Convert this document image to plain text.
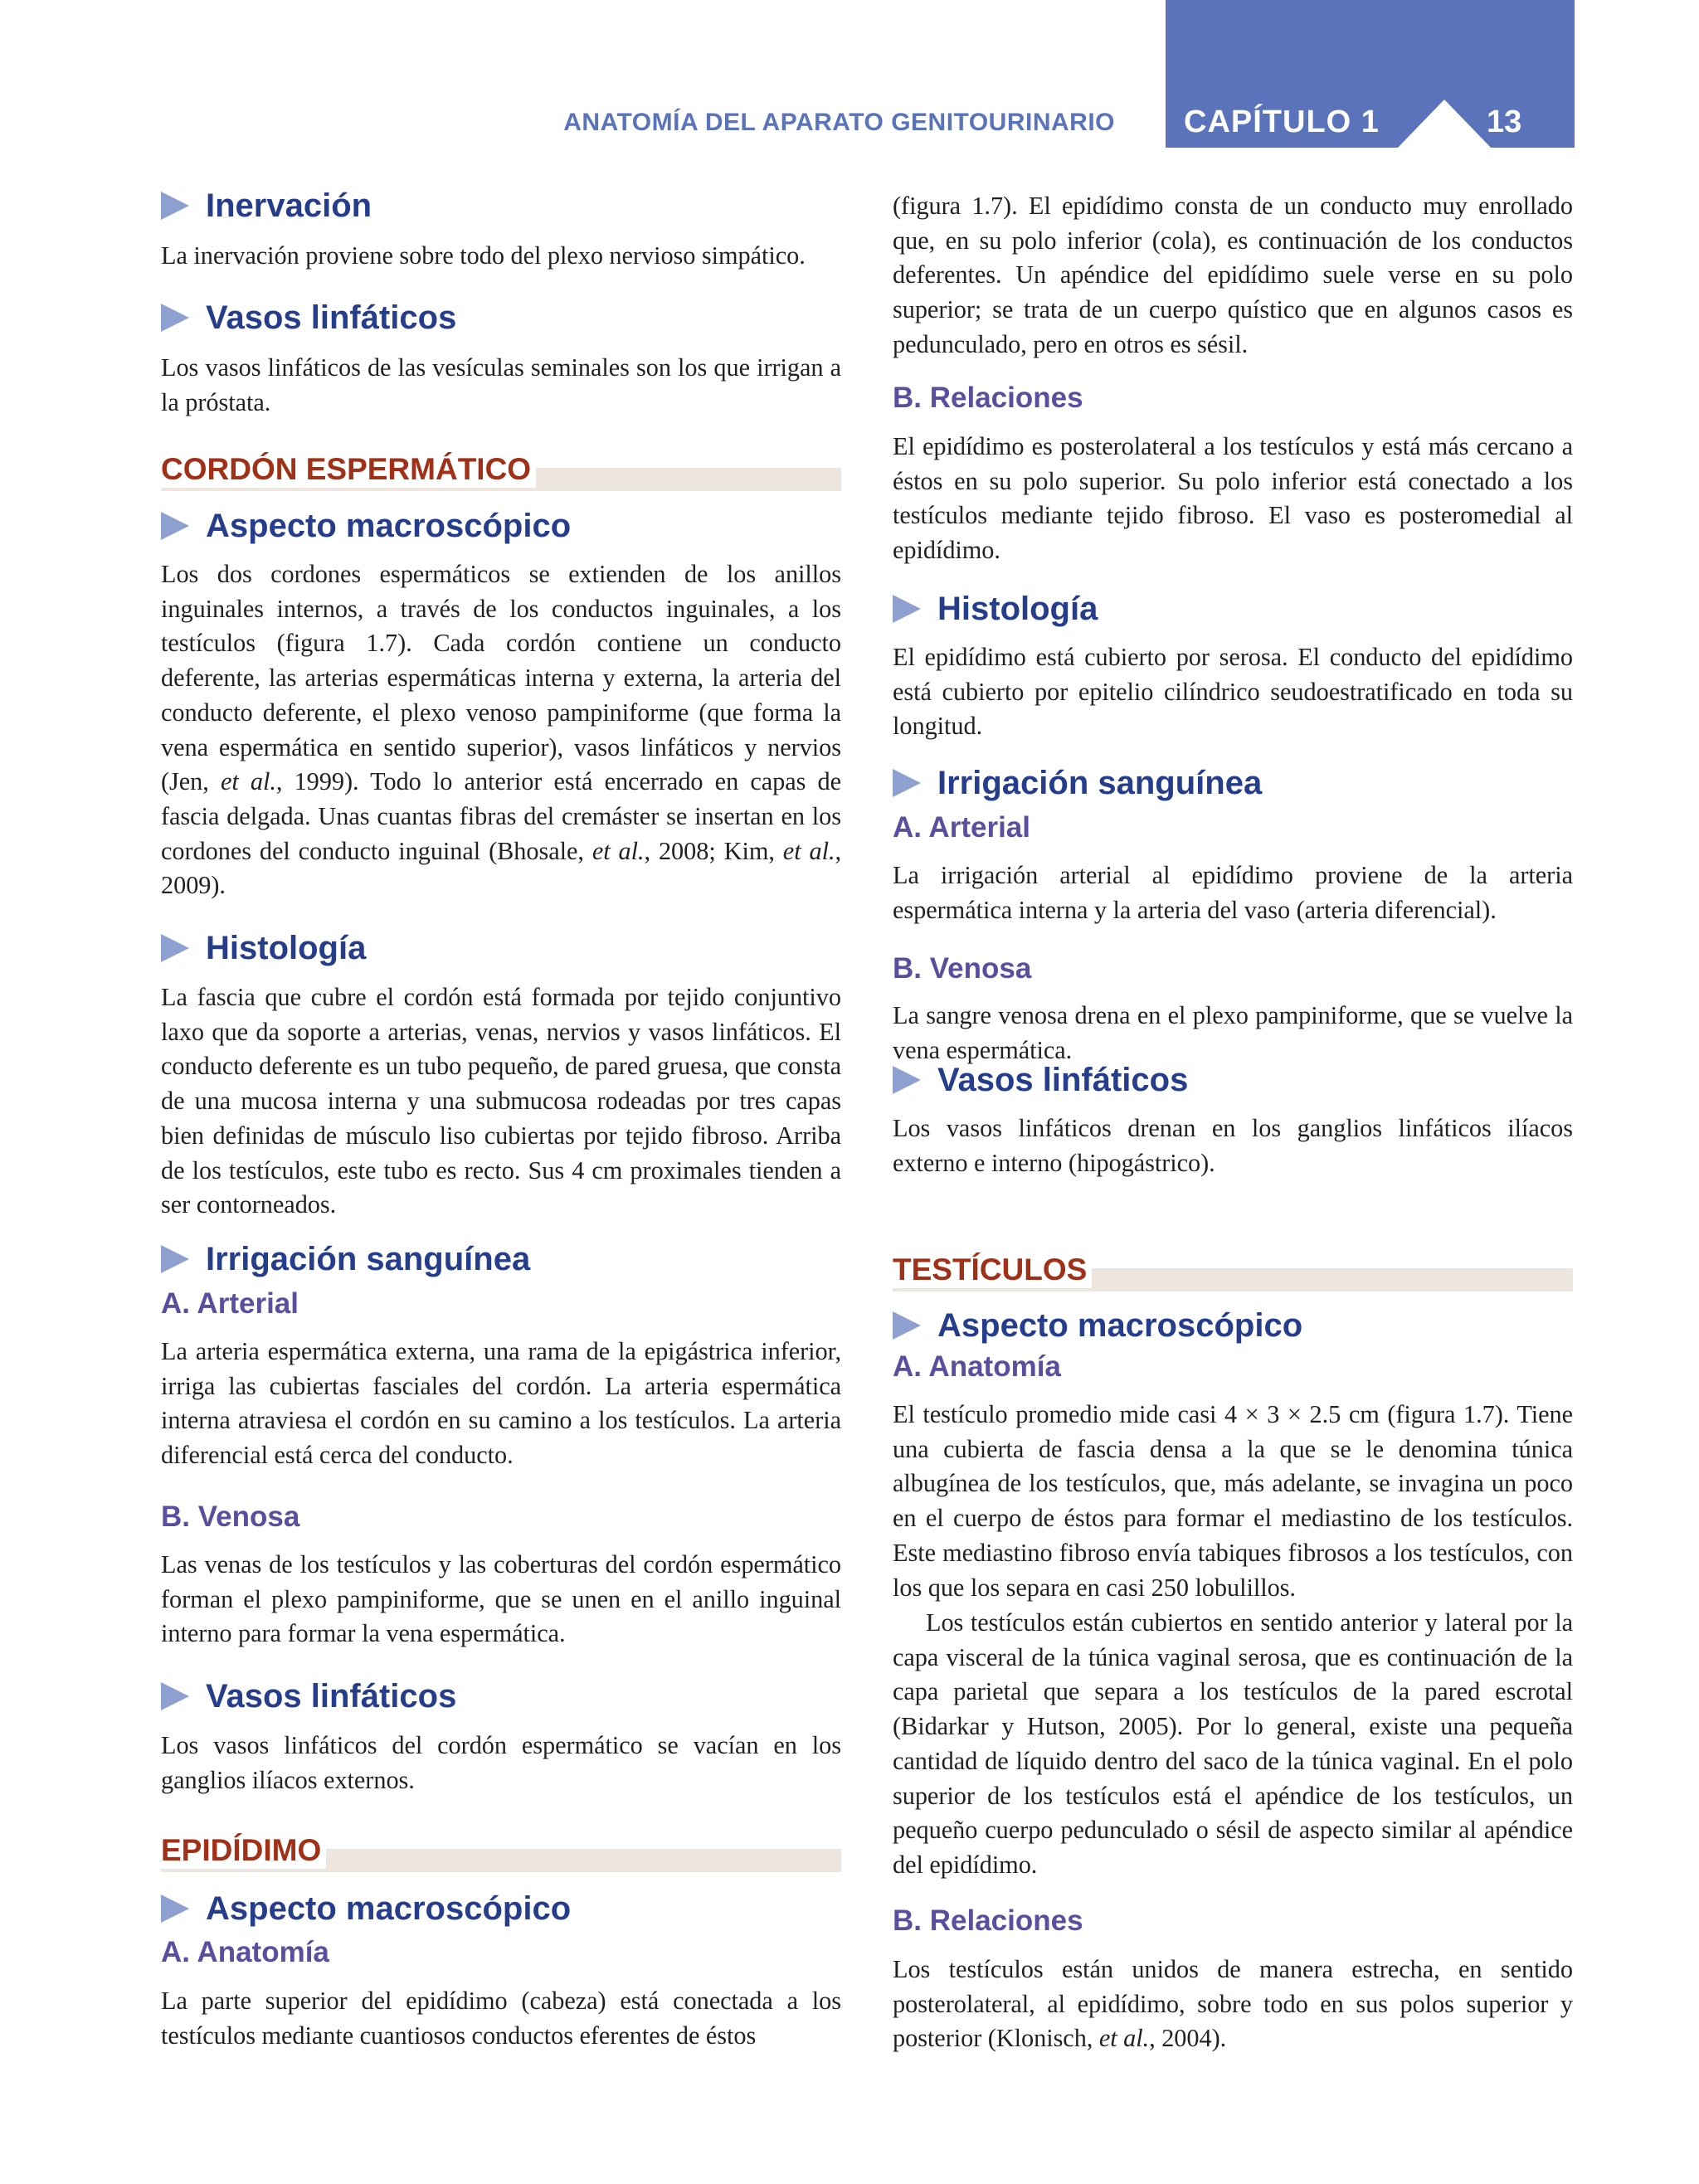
ANATOMÍA DEL APARATO GENITOURINARIO CAPÍTULO 1	13
Inervación

La inervación proviene sobre todo del plexo nervioso simpático.

Vasos linfáticos

Los vasos linfáticos de las vesículas seminales son los que irrigan a la próstata.

CORDÓN ESPERMÁTICO
Aspecto macroscópico

Los dos cordones espermáticos se extienden de los anillos inguinales internos, a través de los conductos inguinales, a los testículos (figura 1.7). Cada cordón contiene un conducto deferente, las arterias espermáticas interna y externa, la arteria del conducto deferente, el plexo venoso pampiniforme (que forma la vena espermática en sentido superior), vasos linfáticos y nervios (Jen, et al., 1999). Todo lo anterior está encerrado en capas de fascia delgada. Unas cuantas fibras del cremáster se insertan en los cordones del conducto inguinal (Bhosale, et al., 2008; Kim, et al., 2009).

Histología

La fascia que cubre el cordón está formada por tejido conjuntivo laxo que da soporte a arterias, venas, nervios y vasos linfáticos. El conducto deferente es un tubo pequeño, de pared gruesa, que consta de una mucosa interna y una submucosa rodeadas por tres capas bien definidas de músculo liso cubiertas por tejido fibroso. Arriba de los testículos, este tubo es recto. Sus 4 cm proximales tienden a ser contorneados.

Irrigación sanguínea
A. Arterial

La arteria espermática externa, una rama de la epigástrica inferior, irriga las cubiertas fasciales del cordón. La arteria espermática interna atraviesa el cordón en su camino a los testículos. La arteria diferencial está cerca del conducto.

B. Venosa

Las venas de los testículos y las coberturas del cordón espermático forman el plexo pampiniforme, que se unen en el anillo inguinal interno para formar la vena espermática.

Vasos linfáticos

Los vasos linfáticos del cordón espermático se vacían en los ganglios ilíacos externos.

EPIDÍDIMO
Aspecto macroscópico
A. Anatomía

La parte superior del epidídimo (cabeza) está conectada a los testículos mediante cuantiosos conductos eferentes de éstos

(figura 1.7). El epidídimo consta de un conducto muy enrollado que, en su polo inferior (cola), es continuación de los conductos deferentes. Un apéndice del epidídimo suele verse en su polo superior; se trata de un cuerpo quístico que en algunos casos es pedunculado, pero en otros es sésil.

B. Relaciones

El epidídimo es posterolateral a los testículos y está más cercano a éstos en su polo superior. Su polo inferior está conectado a los testículos mediante tejido fibroso. El vaso es posteromedial al epidídimo.

Histología

El epidídimo está cubierto por serosa. El conducto del epidídimo está cubierto por epitelio cilíndrico seudoestratificado en toda su longitud.

Irrigación sanguínea
A. Arterial

La irrigación arterial al epidídimo proviene de la arteria espermática interna y la arteria del vaso (arteria diferencial).

B. Venosa

La sangre venosa drena en el plexo pampiniforme, que se vuelve la vena espermática.

Vasos linfáticos

Los vasos linfáticos drenan en los ganglios linfáticos ilíacos externo e interno (hipogástrico).

TESTÍCULOS
Aspecto macroscópico
A. Anatomía

El testículo promedio mide casi 4 × 3 × 2.5 cm (figura 1.7). Tiene una cubierta de fascia densa a la que se le denomina túnica albugínea de los testículos, que, más adelante, se invagina un poco en el cuerpo de éstos para formar el mediastino de los testículos. Este mediastino fibroso envía tabiques fibrosos a los testículos, con los que los separa en casi 250 lobulillos.

Los testículos están cubiertos en sentido anterior y lateral por la capa visceral de la túnica vaginal serosa, que es continuación de la capa parietal que separa a los testículos de la pared escrotal (Bidarkar y Hutson, 2005). Por lo general, existe una pequeña cantidad de líquido dentro del saco de la túnica vaginal. En el polo superior de los testículos está el apéndice de los testículos, un pequeño cuerpo pedunculado o sésil de aspecto similar al apéndice del epidídimo.

B. Relaciones

Los testículos están unidos de manera estrecha, en sentido posterolateral, al epidídimo, sobre todo en sus polos superior y posterior (Klonisch, et al., 2004).
